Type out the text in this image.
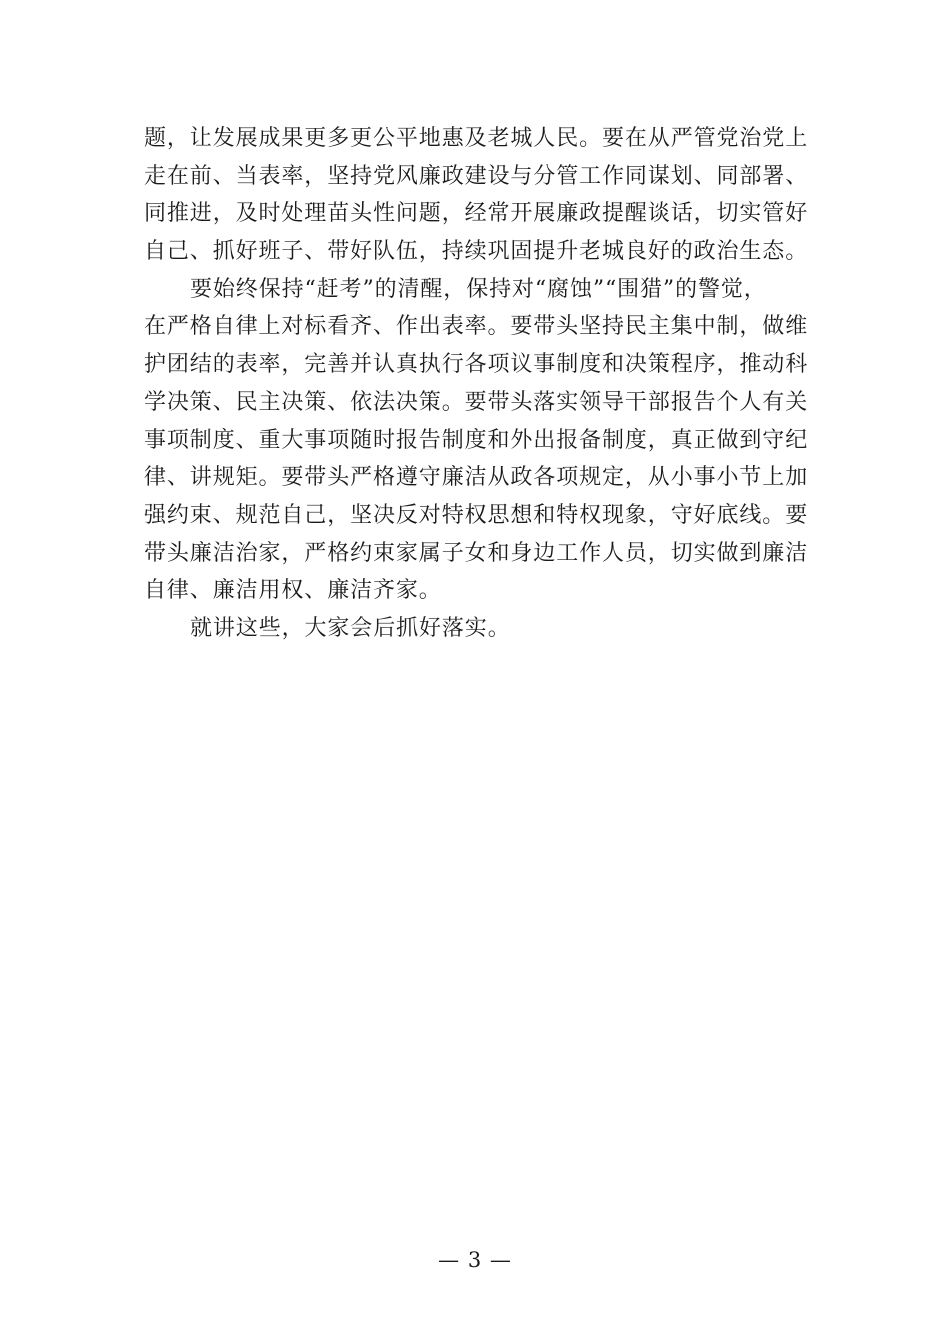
题，让发展成果更多更公平地惠及老城人民。要在从严管党治党上
走在前、当表率，坚持党风廉政建设与分管工作同谋划、同部署、
同推进，及时处理苗头性问题，经常开展廉政提醒谈话，切实管好
自己、抓好班子、带好队伍，持续巩固提升老城良好的政治生态。
要始终保持“赶考”的清醒，保持对“腐蚀”“围猎”的警觉，
在严格自律上对标看齐、作出表率。要带头坚持民主集中制，做维
护团结的表率，完善并认真执行各项议事制度和决策程序，推动科
学决策、民主决策、依法决策。要带头落实领导干部报告个人有关
事项制度、重大事项随时报告制度和外出报备制度，真正做到守纪
律、讲规矩。要带头严格遵守廉洁从政各项规定，从小事小节上加
强约束、规范自己，坚决反对特权思想和特权现象，守好底线。要
带头廉洁治家，严格约束家属子女和身边工作人员，切实做到廉洁
自律、廉洁用权、廉洁齐家。
就讲这些，大家会后抓好落实。
— 3 —
